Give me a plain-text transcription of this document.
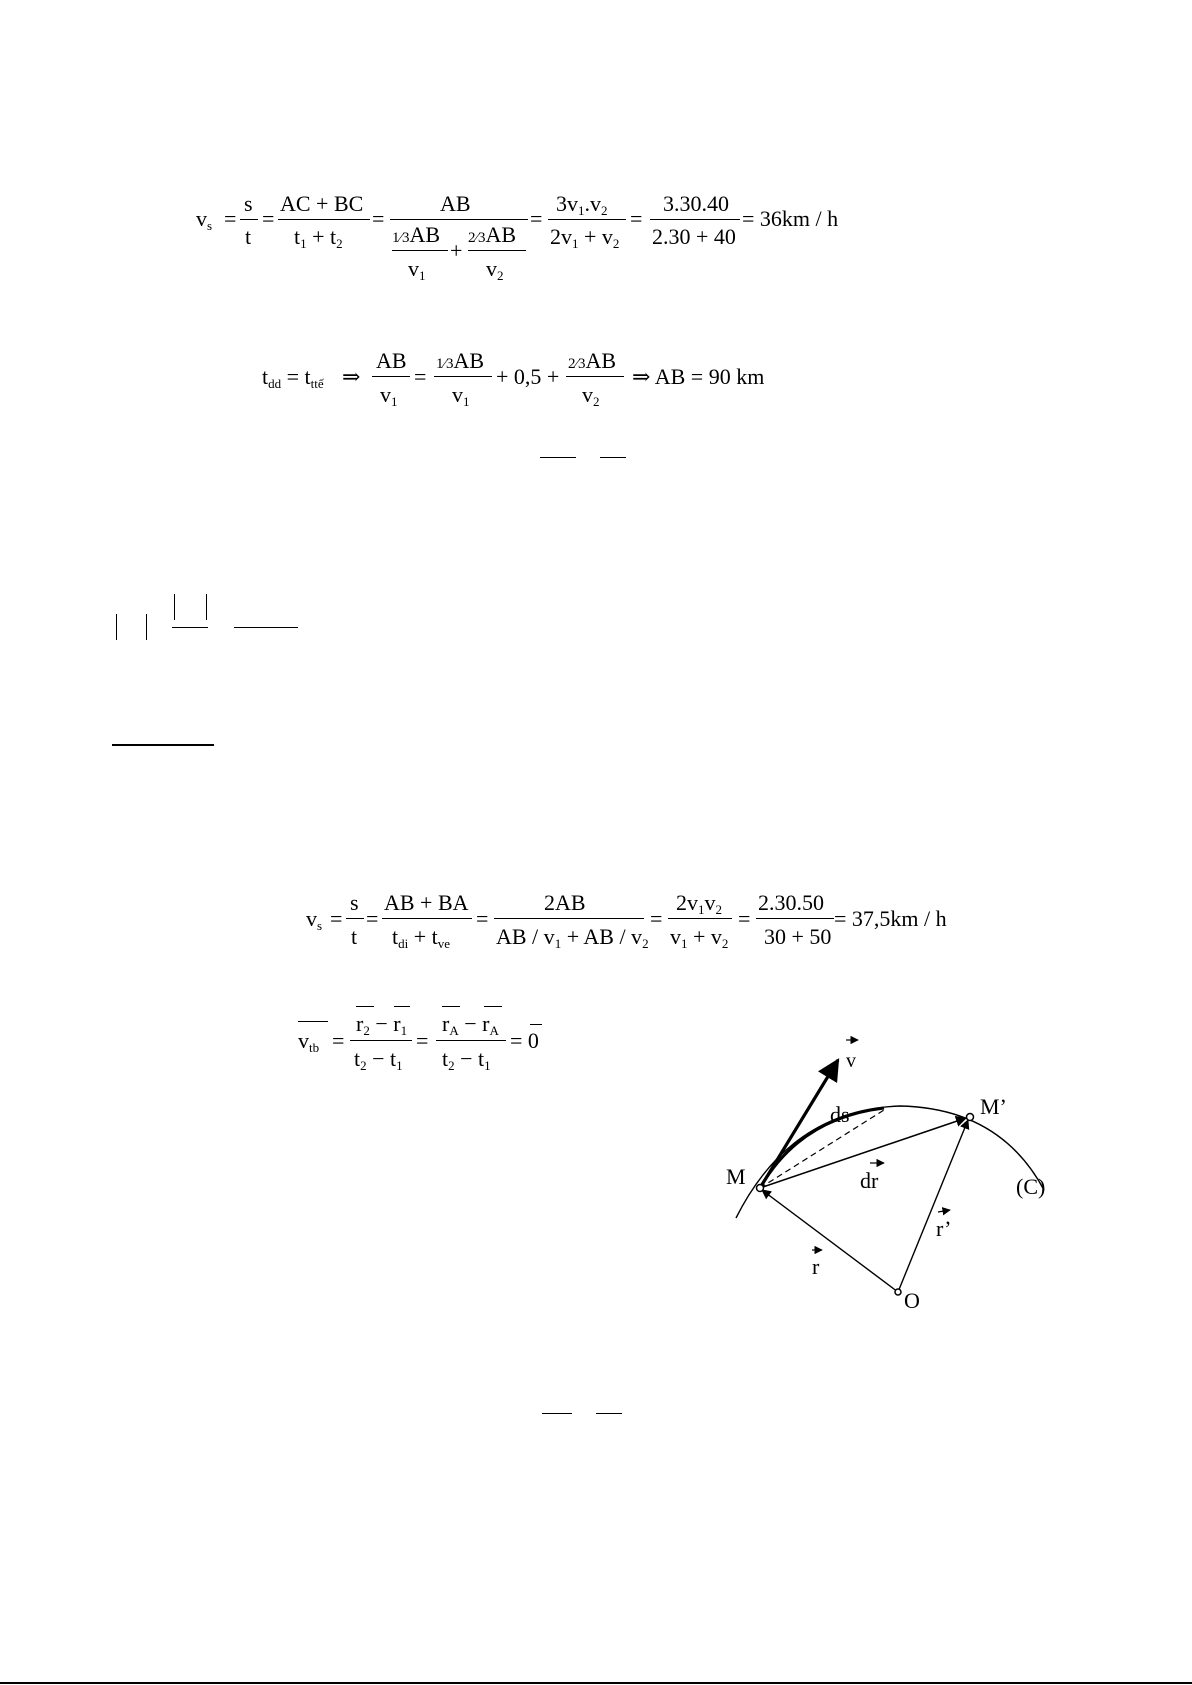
$v_s$ =
s
t
=
AC + BC
$t_1 + t_2$
=
AB
1⁄3AB
$v_1$
+ 2⁄3AB
$v_2$
=
$3v_1.v_2$
$2v_1 + v_2$
=
3.30.40
2.30 + 40
= 36km / h
$t_{dd} = t_{ttế}$ ⇒
AB
$v_1$
= 1⁄3AB
$v_1$
+ 0,5 + 2⁄3AB
$v_2$
⇒ AB = 90 km
$v_s$ =
s
t
=
AB + BA
$t_{di} + t_{ve}$
=
2AB
AB / $v_1$ + AB / $v_2$
=
$2v_1v_2$
$v_1 + v_2$
=
2.30.50
30 + 50
= 37,5km / h
$v_{tb}$ =
$r_2 - r_1$
$t_2 - t_1$
=
$r_A - r_A$
$t_2 - t_1$
= 0
v
ds
M
M’
dr	(C)
r’
r
O
